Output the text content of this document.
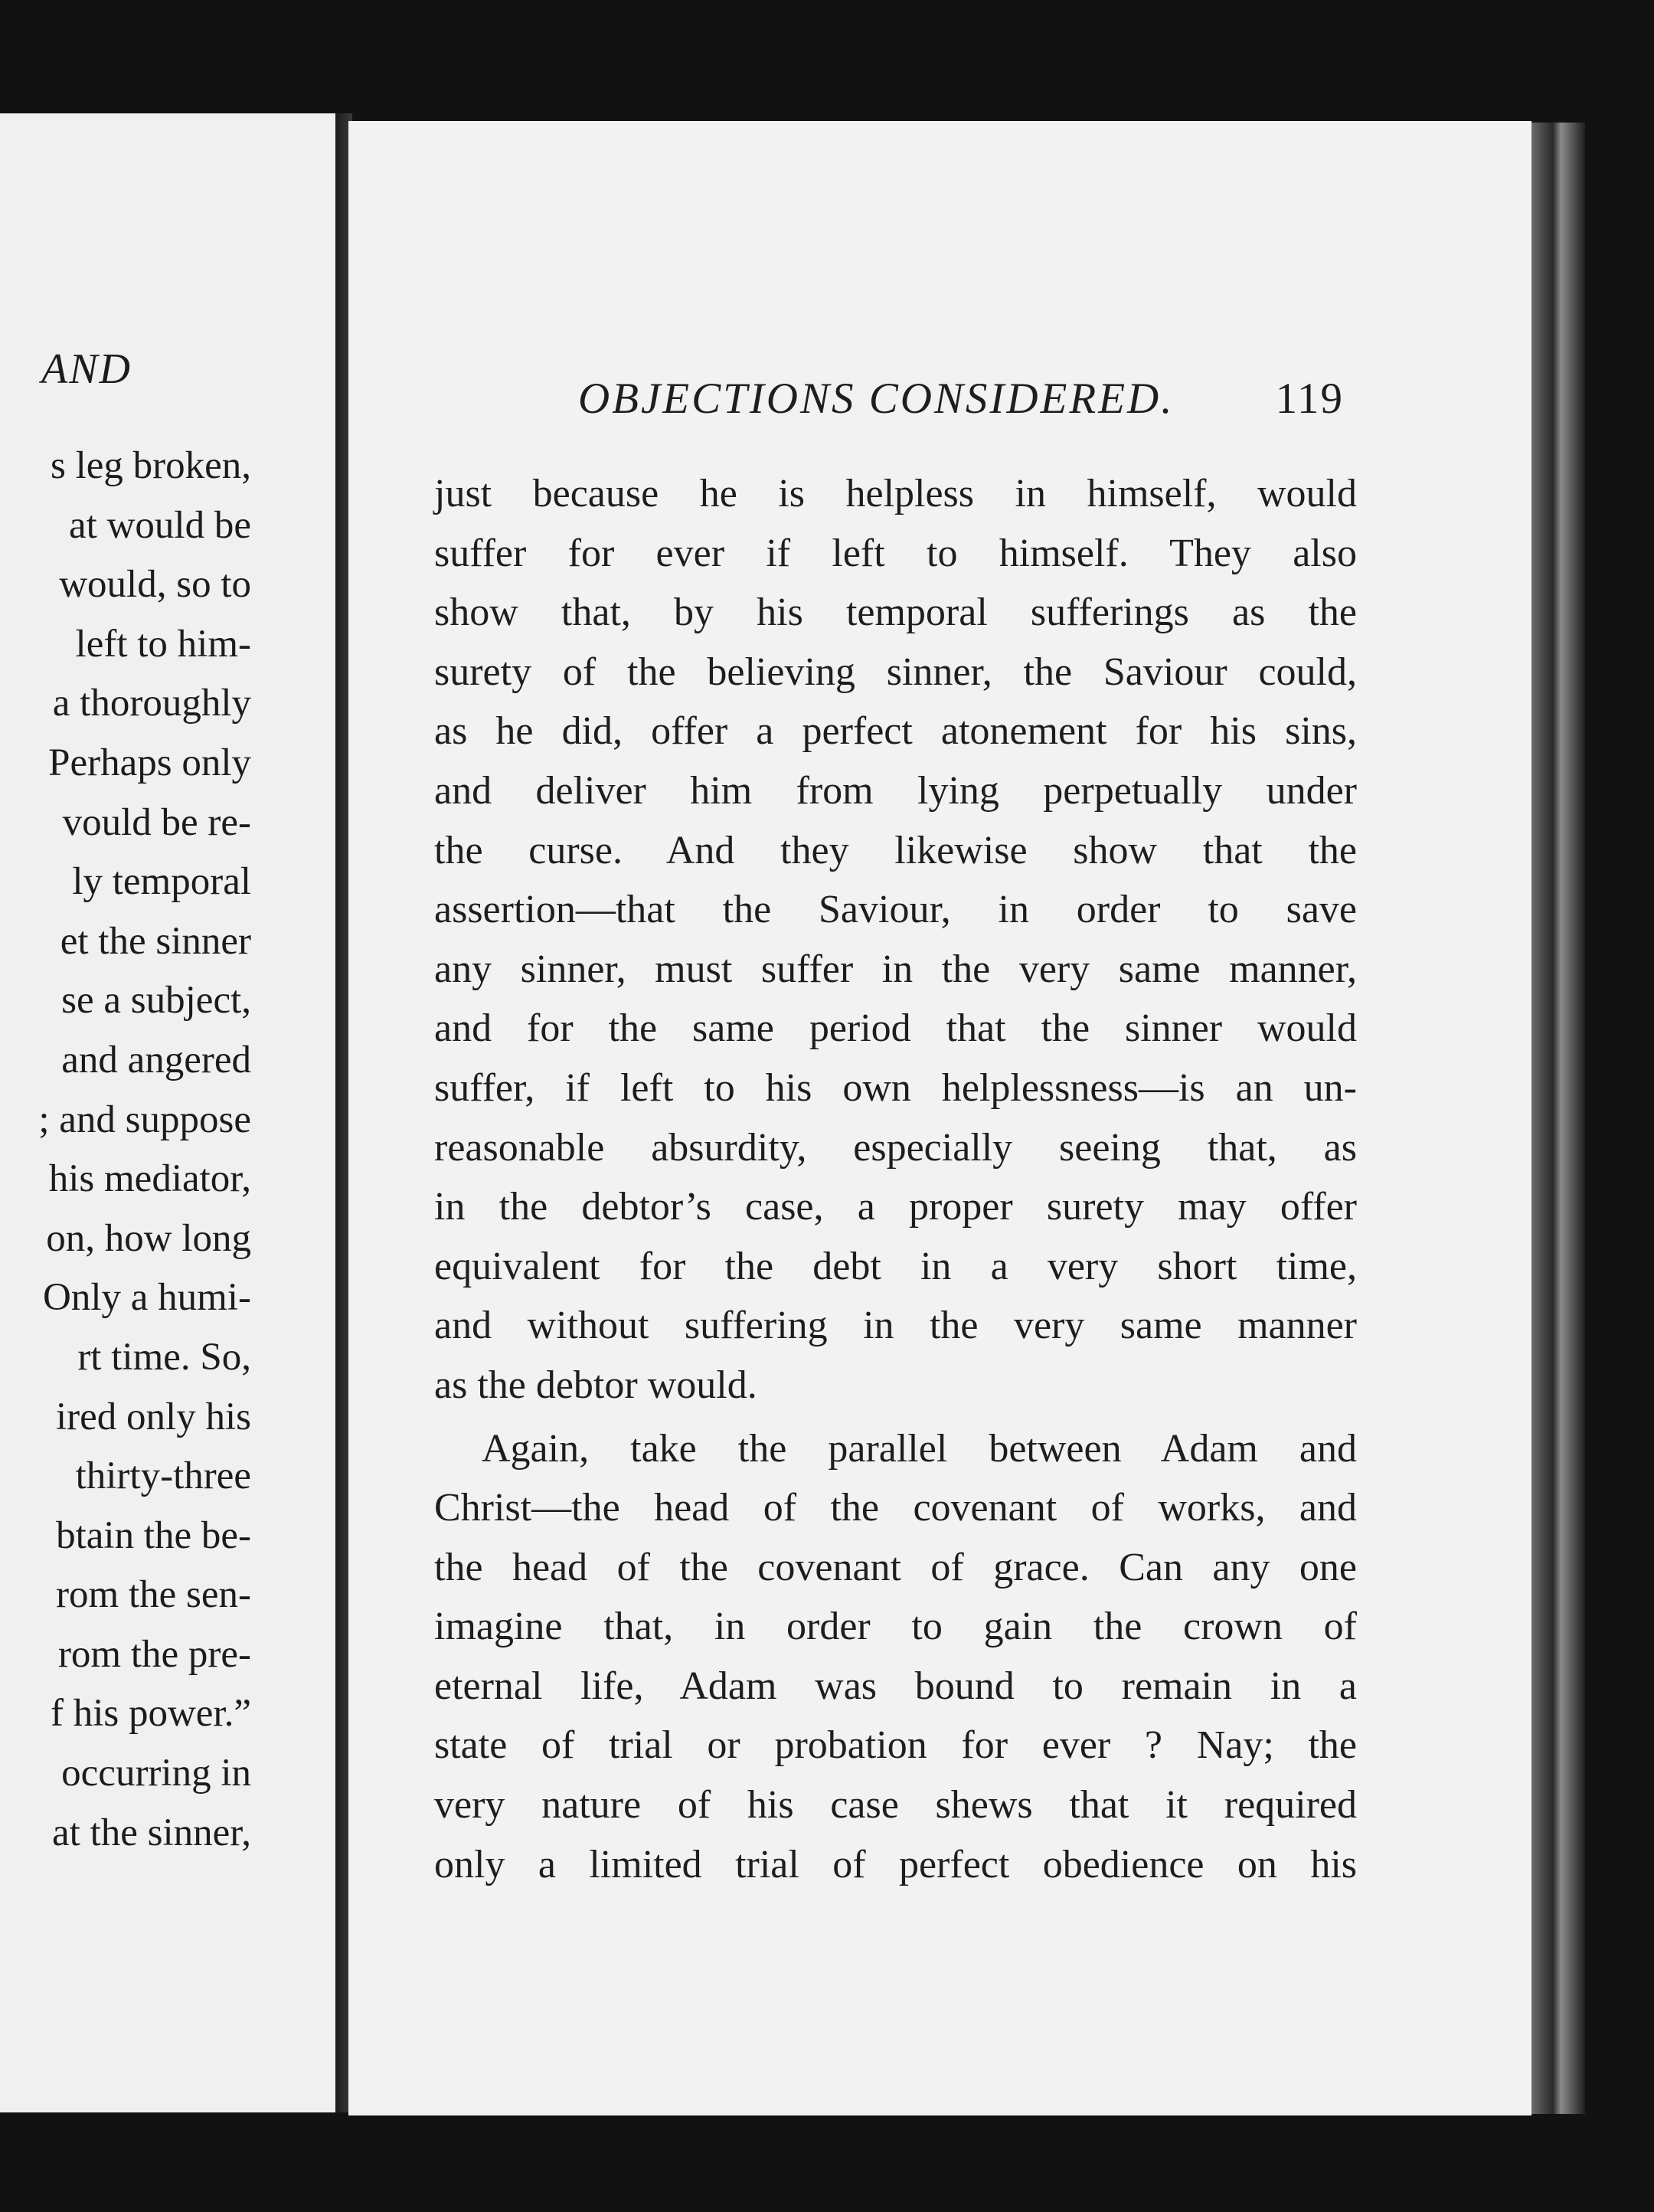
AND
s leg broken,
at would be
would, so to
left to him-
a thoroughly
Perhaps only
vould be re-
ly temporal
et the sinner
se a subject,
and angered
; and suppose
his mediator,
on, how long
Only a humi-
rt time. So,
ired only his
thirty-three
btain the be-
rom the sen-
rom the pre-
f his power.”
occurring in
at the sinner,
OBJECTIONS CONSIDERED. 119
just because he is helpless in himself, would
suffer for ever if left to himself. They also
show that, by his temporal sufferings as the
surety of the believing sinner, the Saviour could,
as he did, offer a perfect atonement for his sins,
and deliver him from lying perpetually under
the curse. And they likewise show that the
assertion—that the Saviour, in order to save
any sinner, must suffer in the very same manner,
and for the same period that the sinner would
suffer, if left to his own helplessness—is an un-
reasonable absurdity, especially seeing that, as
in the debtor’s case, a proper surety may offer
equivalent for the debt in a very short time,
and without suffering in the very same manner
as the debtor would.
Again, take the parallel between Adam and
Christ—the head of the covenant of works, and
the head of the covenant of grace. Can any one
imagine that, in order to gain the crown of
eternal life, Adam was bound to remain in a
state of trial or probation for ever ? Nay; the
very nature of his case shews that it required
only a limited trial of perfect obedience on his
